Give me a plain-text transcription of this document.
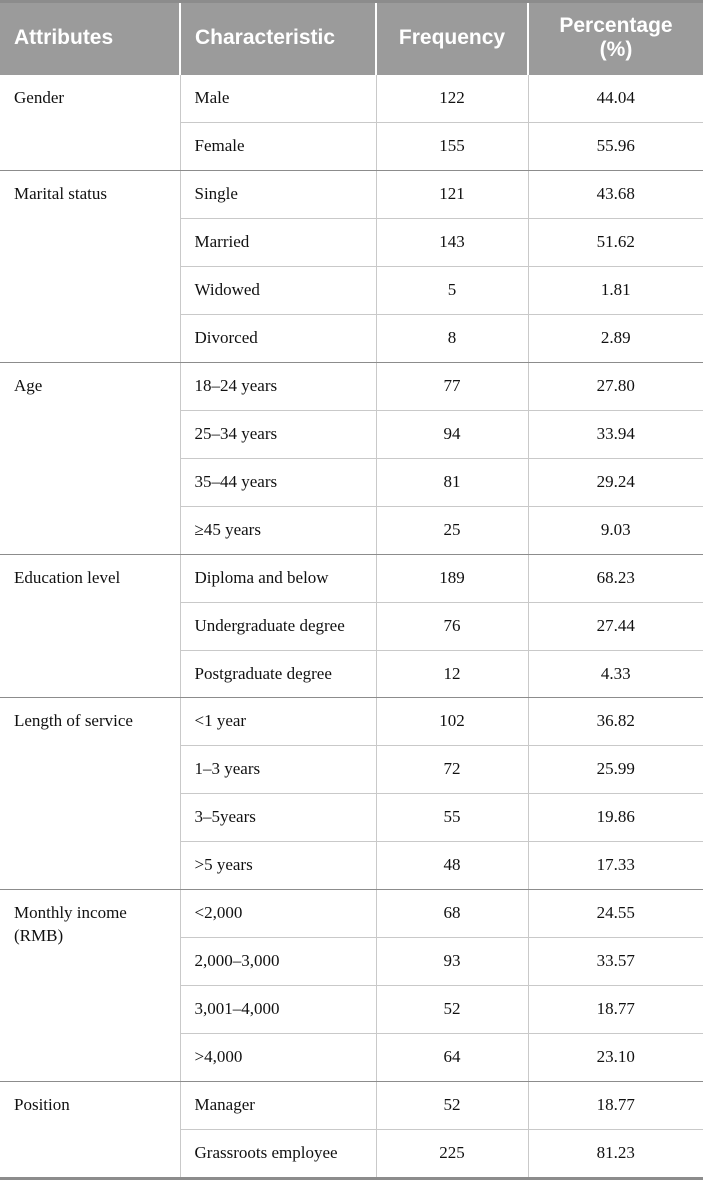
Attributes	Characteristic	Frequency	Percentage (%)
Gender	Male	122	44.04
	Female	155	55.96
Marital status	Single	121	43.68
	Married	143	51.62
	Widowed	5	1.81
	Divorced	8	2.89
Age	18–24 years	77	27.80
	25–34 years	94	33.94
	35–44 years	81	29.24
	≥45 years	25	9.03
Education level	Diploma and below	189	68.23
	Undergraduate degree	76	27.44
	Postgraduate degree	12	4.33
Length of service	<1 year	102	36.82
	1–3 years	72	25.99
	3–5years	55	19.86
	>5 years	48	17.33
Monthly income (RMB)	<2,000	68	24.55
	2,000–3,000	93	33.57
	3,001–4,000	52	18.77
	>4,000	64	23.10
Position	Manager	52	18.77
	Grassroots employee	225	81.23
